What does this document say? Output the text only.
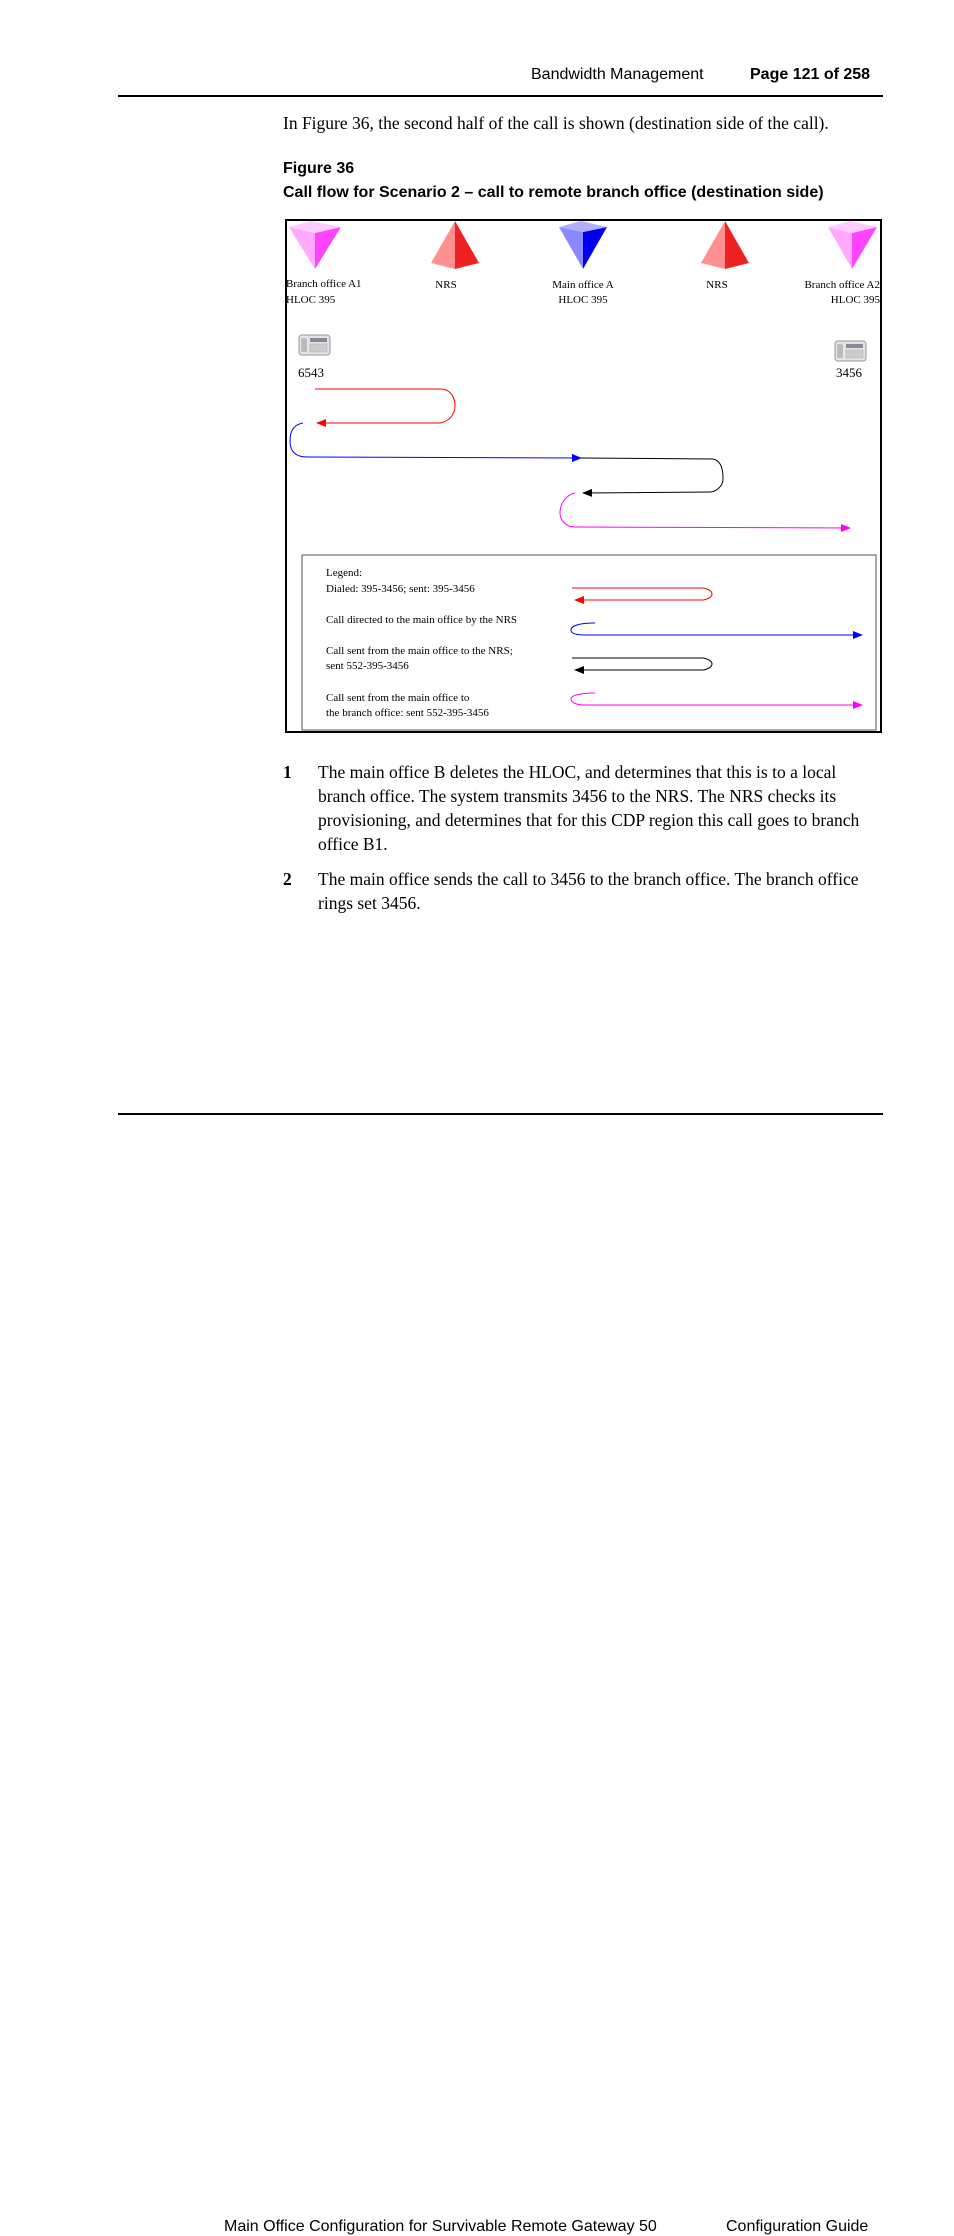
Bandwidth Management	Page 121 of 258

In Figure 36, the second half of the call is shown (destination side of the call).

Figure 36
Call flow for Scenario 2 – call to remote branch office (destination side)
Branch office A1
HLOC 395
NRS	Main office A
HLOC 395
NRS	Branch office A2
HLOC 395
6543	3456
Legend:
Dialed: 395-3456; sent: 395-3456
Call directed to the main office by the NRS
Call sent from the main office to the NRS;
sent 552-395-3456
Call sent from the main office to
the branch office: sent 552-395-3456
1 The main office B deletes the HLOC, and determines that this is to a local branch office. The system transmits 3456 to the NRS. The NRS checks its provisioning, and determines that for this CDP region this call goes to branch office B1.
2 The main office sends the call to 3456 to the branch office. The branch office rings set 3456.
Main Office Configuration for Survivable Remote Gateway 50	Configuration Guide
